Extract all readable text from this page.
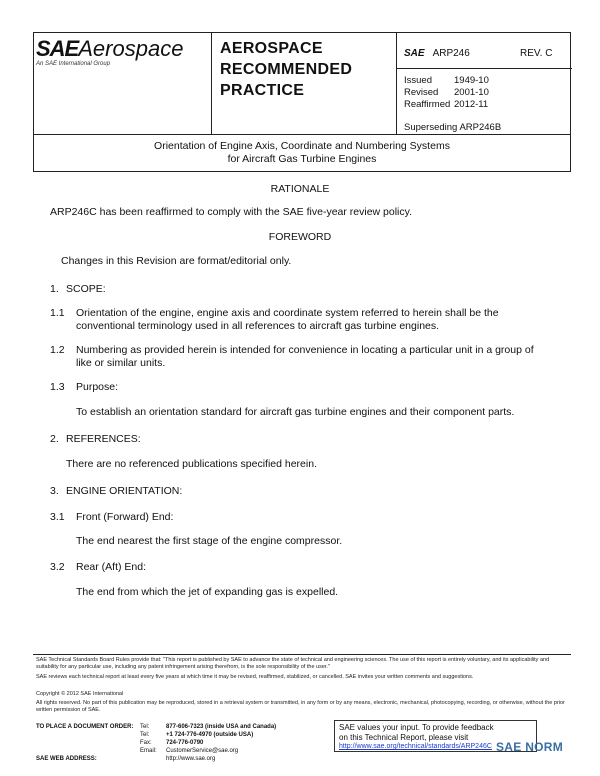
SAEAerospace
An SAE International Group
AEROSPACE
RECOMMENDED
PRACTICE
SAE ARP246	REV. C
Issued	1949-10
Revised	2001-10
Reaffirmed	2012-11
Superseding ARP246B
Orientation of Engine Axis, Coordinate and Numbering Systems
for Aircraft Gas Turbine Engines
RATIONALE
ARP246C has been reaffirmed to comply with the SAE five-year review policy.
FOREWORD
Changes in this Revision are format/editorial only.
1. SCOPE:
1.1 Orientation of the engine, engine axis and coordinate system referred to herein shall be the
conventional terminology used in all references to aircraft gas turbine engines.
1.2 Numbering as provided herein is intended for convenience in locating a particular unit in a group of
like or similar units.
1.3 Purpose:
To establish an orientation standard for aircraft gas turbine engines and their component parts.
2. REFERENCES:
There are no referenced publications specified herein.
3. ENGINE ORIENTATION:
3.1 Front (Forward) End:
The end nearest the first stage of the engine compressor.
3.2 Rear (Aft) End:
The end from which the jet of expanding gas is expelled.
SAE Technical Standards Board Rules provide that: "This report is published by SAE to advance the state of technical and engineering sciences. The use of this report is entirely voluntary, and its applicability and suitability for any particular use, including any patent infringement arising therefrom, is the sole responsibility of the user."
SAE reviews each technical report at least every five years at which time it may be revised, reaffirmed, stabilized, or cancelled. SAE invites your written comments and suggestions.
Copyright © 2012 SAE International
All rights reserved. No part of this publication may be reproduced, stored in a retrieval system or transmitted, in any form or by any means, electronic, mechanical, photocopying, recording, or otherwise, without the prior written permission of SAE.
TO PLACE A DOCUMENT ORDER:	Tel:	877-606-7323 (inside USA and Canada)
	Tel:	+1 724-776-4970 (outside USA)
	Fax:	724-776-0790
	Email:	CustomerService@sae.org
SAE WEB ADDRESS:		http://www.sae.org
SAE values your input. To provide feedback
on this Technical Report, please visit
http://www.sae.org/technical/standards/ARP246C SAE NORM
